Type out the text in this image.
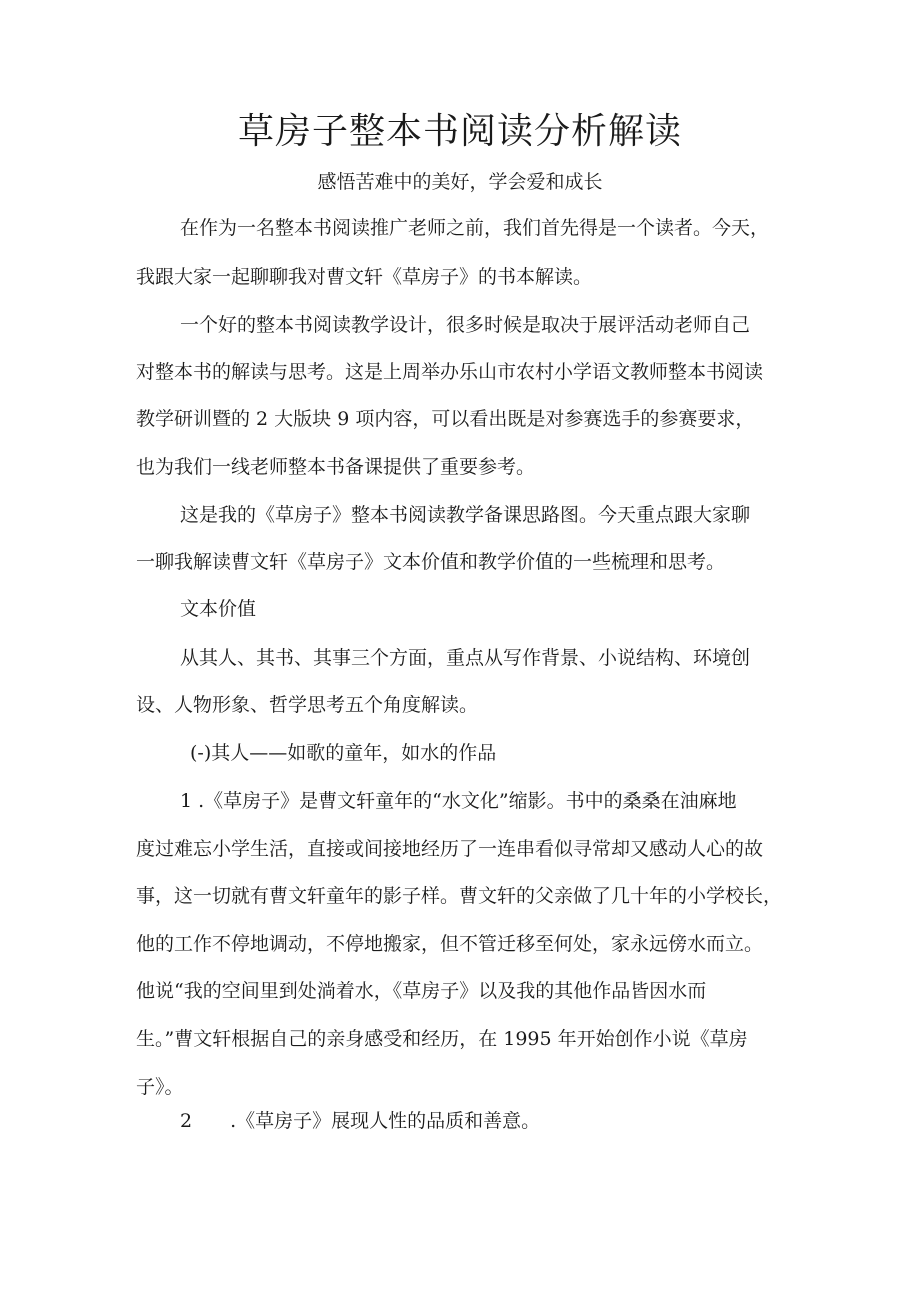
草房子整本书阅读分析解读
感悟苦难中的美好，学会爱和成长
在作为一名整本书阅读推广老师之前，我们首先得是一个读者。今天，
我跟大家一起聊聊我对曹文轩《草房子》的书本解读。
一个好的整本书阅读教学设计，很多时候是取决于展评活动老师自己
对整本书的解读与思考。这是上周举办乐山市农村小学语文教师整本书阅读
教学研训暨的 2 大版块 9 项内容，可以看出既是对参赛选手的参赛要求，
也为我们一线老师整本书备课提供了重要参考。
这是我的《草房子》整本书阅读教学备课思路图。今天重点跟大家聊
一聊我解读曹文轩《草房子》文本价值和教学价值的一些梳理和思考。
文本价值
从其人、其书、其事三个方面，重点从写作背景、小说结构、环境创
设、人物形象、哲学思考五个角度解读。
(-)其人——如歌的童年，如水的作品
1 .《草房子》是曹文轩童年的“水文化”缩影。书中的桑桑在油麻地
度过难忘小学生活，直接或间接地经历了一连串看似寻常却又感动人心的故
事，这一切就有曹文轩童年的影子样。曹文轩的父亲做了几十年的小学校长，
他的工作不停地调动，不停地搬家，但不管迁移至何处，家永远傍水而立。
他说“我的空间里到处淌着水，《草房子》以及我的其他作品皆因水而
生。”曹文轩根据自己的亲身感受和经历，在 1995 年开始创作小说《草房
子》。
2　　.《草房子》展现人性的品质和善意。
